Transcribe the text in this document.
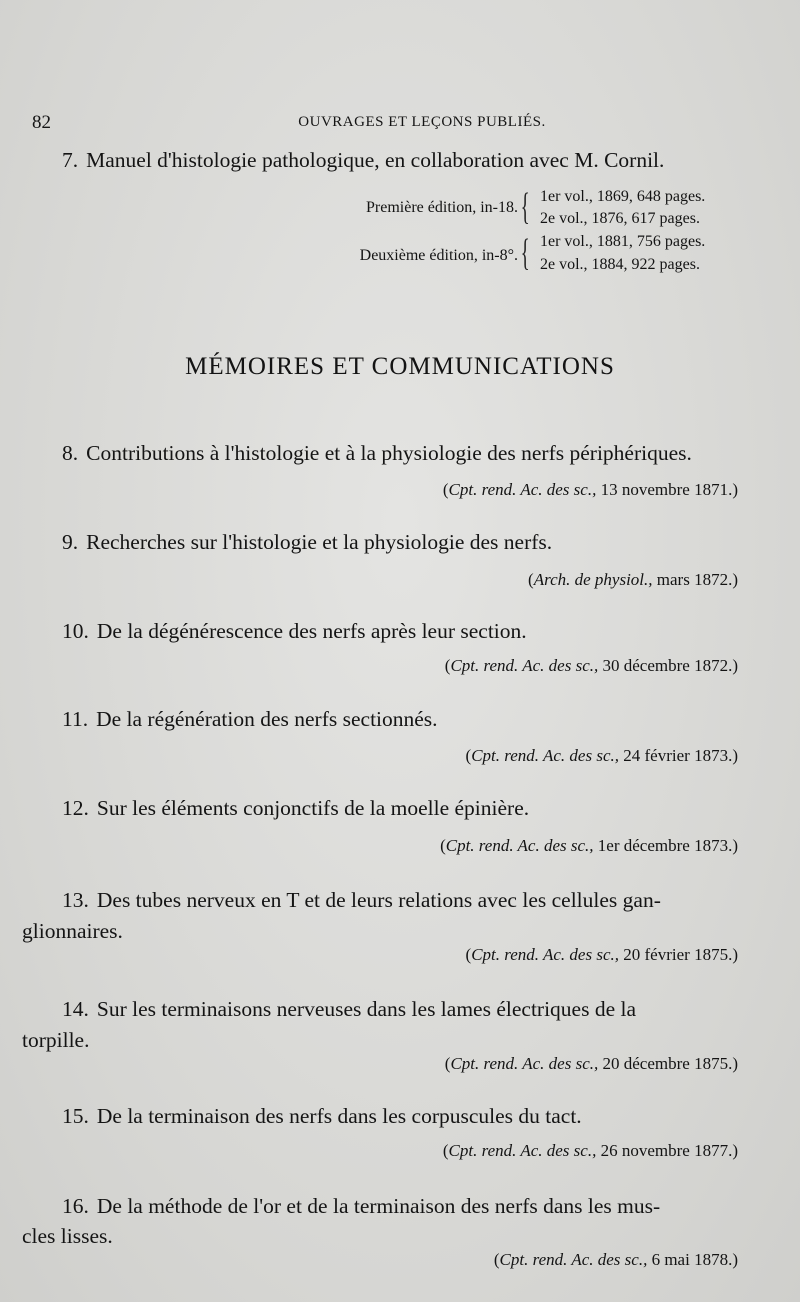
82	OUVRAGES ET LEÇONS PUBLIÉS.
7. Manuel d'histologie pathologique, en collaboration avec M. Cornil.
Première édition, in-18. { 1er vol., 1869, 648 pages.
2e vol., 1876, 617 pages.
Deuxième édition, in-8°. { 1er vol., 1881, 756 pages.
2e vol., 1884, 922 pages.
MÉMOIRES ET COMMUNICATIONS
8. Contributions à l'histologie et à la physiologie des nerfs périphériques.
(Cpt. rend. Ac. des sc., 13 novembre 1871.)
9. Recherches sur l'histologie et la physiologie des nerfs.
(Arch. de physiol., mars 1872.)
10. De la dégénérescence des nerfs après leur section.
(Cpt. rend. Ac. des sc., 30 décembre 1872.)
11. De la régénération des nerfs sectionnés.
(Cpt. rend. Ac. des sc., 24 février 1873.)
12. Sur les éléments conjonctifs de la moelle épinière.
(Cpt. rend. Ac. des sc., 1er décembre 1873.)
13. Des tubes nerveux en T et de leurs relations avec les cellules gan-
glionnaires.
(Cpt. rend. Ac. des sc., 20 février 1875.)
14. Sur les terminaisons nerveuses dans les lames électriques de la
torpille.
(Cpt. rend. Ac. des sc., 20 décembre 1875.)
15. De la terminaison des nerfs dans les corpuscules du tact.
(Cpt. rend. Ac. des sc., 26 novembre 1877.)
16. De la méthode de l'or et de la terminaison des nerfs dans les mus-
cles lisses.
(Cpt. rend. Ac. des sc., 6 mai 1878.)
